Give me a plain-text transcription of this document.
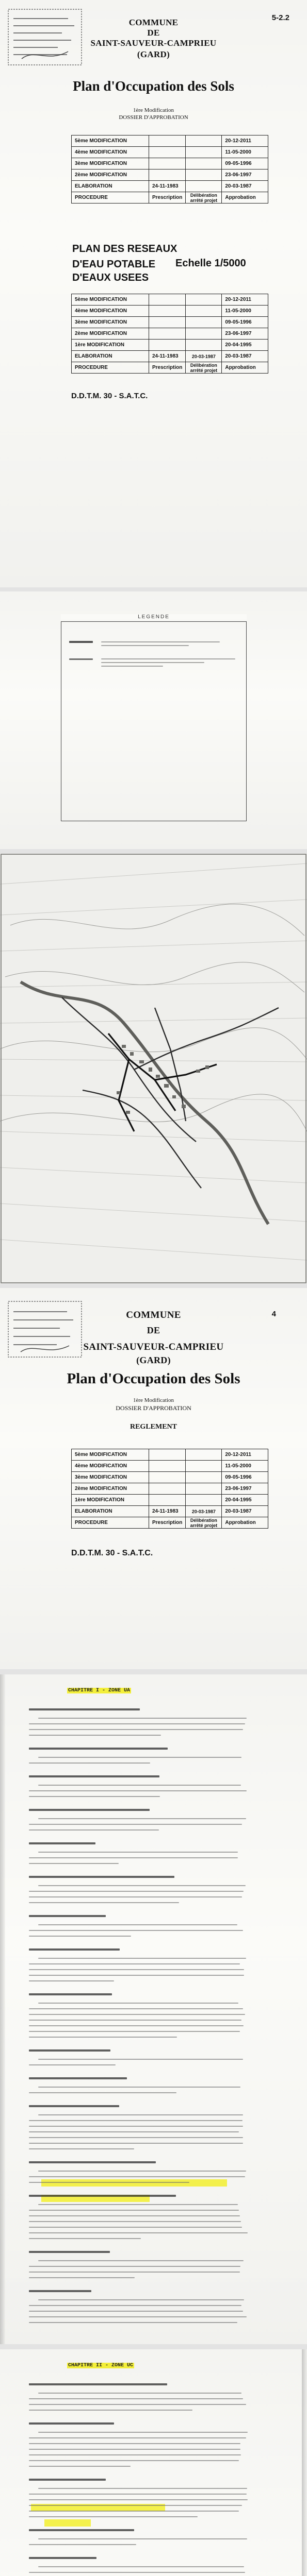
5-2.2
COMMUNE
DE
SAINT-SAUVEUR-CAMPRIEU
(GARD)
Plan d'Occupation des Sols
1ère Modification
DOSSIER D'APPROBATION
5ème MODIFICATION			20-12-2011
4ème MODIFICATION			11-05-2000
3ème MODIFICATION			09-05-1996
2ème MODIFICATION			23-06-1997
ELABORATION	24-11-1983		20-03-1987
PROCEDURE	Prescription	Délibération arrêté projet	Approbation
PLAN DES RESEAUX
D'EAU POTABLE
D'EAUX USEES
Echelle 1/5000
5ème MODIFICATION			20-12-2011
4ème MODIFICATION			11-05-2000
3ème MODIFICATION			09-05-1996
2ème MODIFICATION			23-06-1997
1ère MODIFICATION			20-04-1995
ELABORATION	24-11-1983	20-03-1987	20-03-1987
PROCEDURE	Prescription	Délibération arrêté projet	Approbation
D.D.T.M. 30 - S.A.T.C.
LEGENDE
COMMUNE	4
DE
SAINT-SAUVEUR-CAMPRIEU
(GARD)
Plan d'Occupation des Sols
1ère Modification
DOSSIER D'APPROBATION
REGLEMENT
5ème MODIFICATION			20-12-2011
4ème MODIFICATION			11-05-2000
3ème MODIFICATION			09-05-1996
2ème MODIFICATION			23-06-1997
1ère MODIFICATION			20-04-1995
ELABORATION	24-11-1983	20-03-1987	20-03-1987
PROCEDURE	Prescription	Délibération arrêté projet	Approbation
D.D.T.M. 30 - S.A.T.C.
CHAPITRE I - ZONE UA
CHAPITRE II - ZONE UC
